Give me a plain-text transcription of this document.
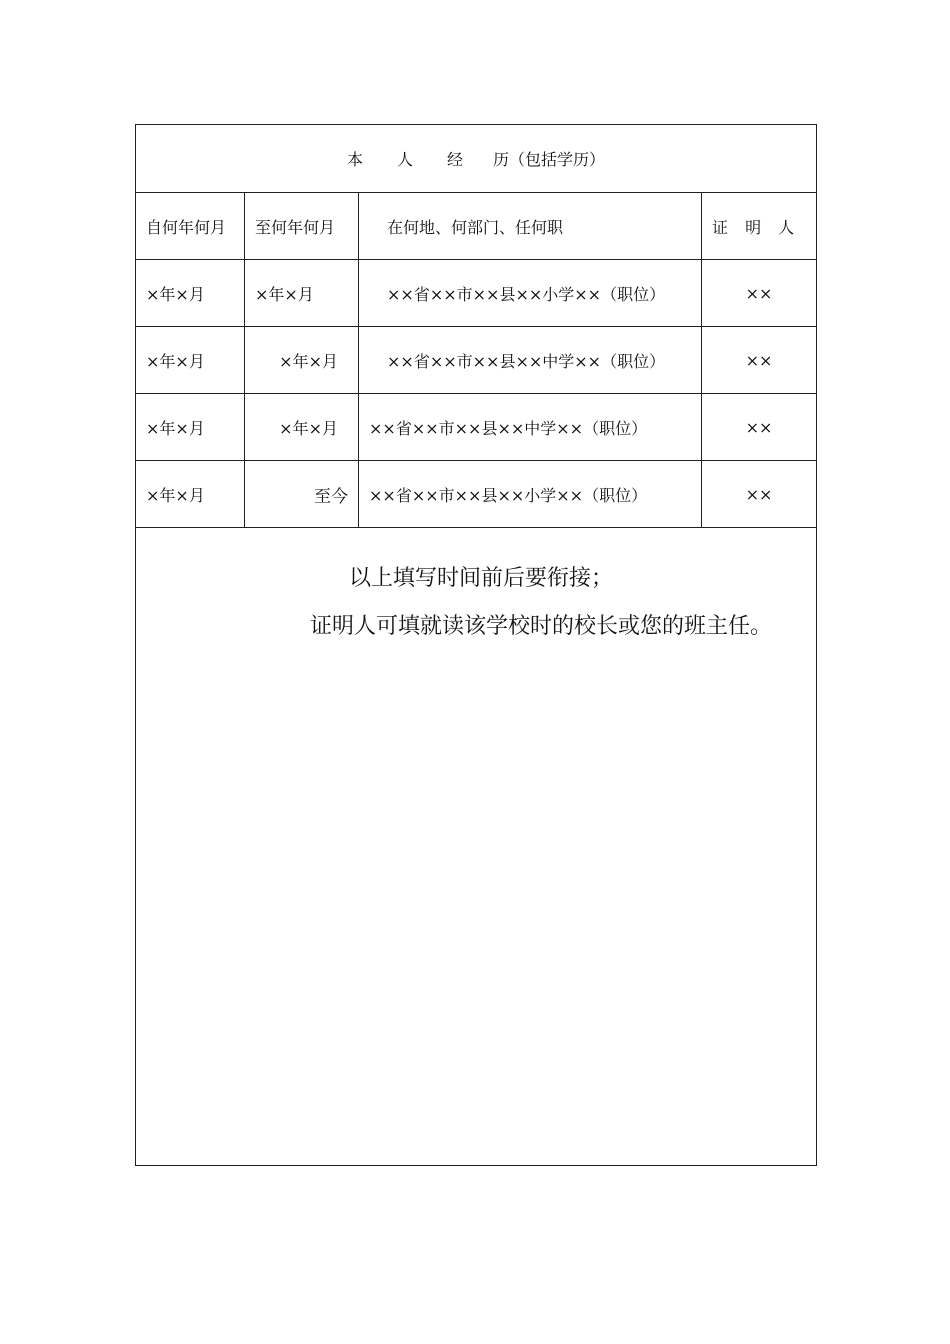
本 人 经 历（包括学历）			
自何年何月	至何年何月	在何地、何部门、任何职	证 明 人
×年×月	×年×月	××省××市××县××小学××（职位）	××
×年×月	×年×月	××省××市××县××中学××（职位）	××
×年×月	×年×月	××省××市××县××中学××（职位）	××
×年×月	至今	××省××市××县××小学××（职位）	××

以上填写时间前后要衔接；
证明人可填就读该学校时的校长或您的班主任。			
